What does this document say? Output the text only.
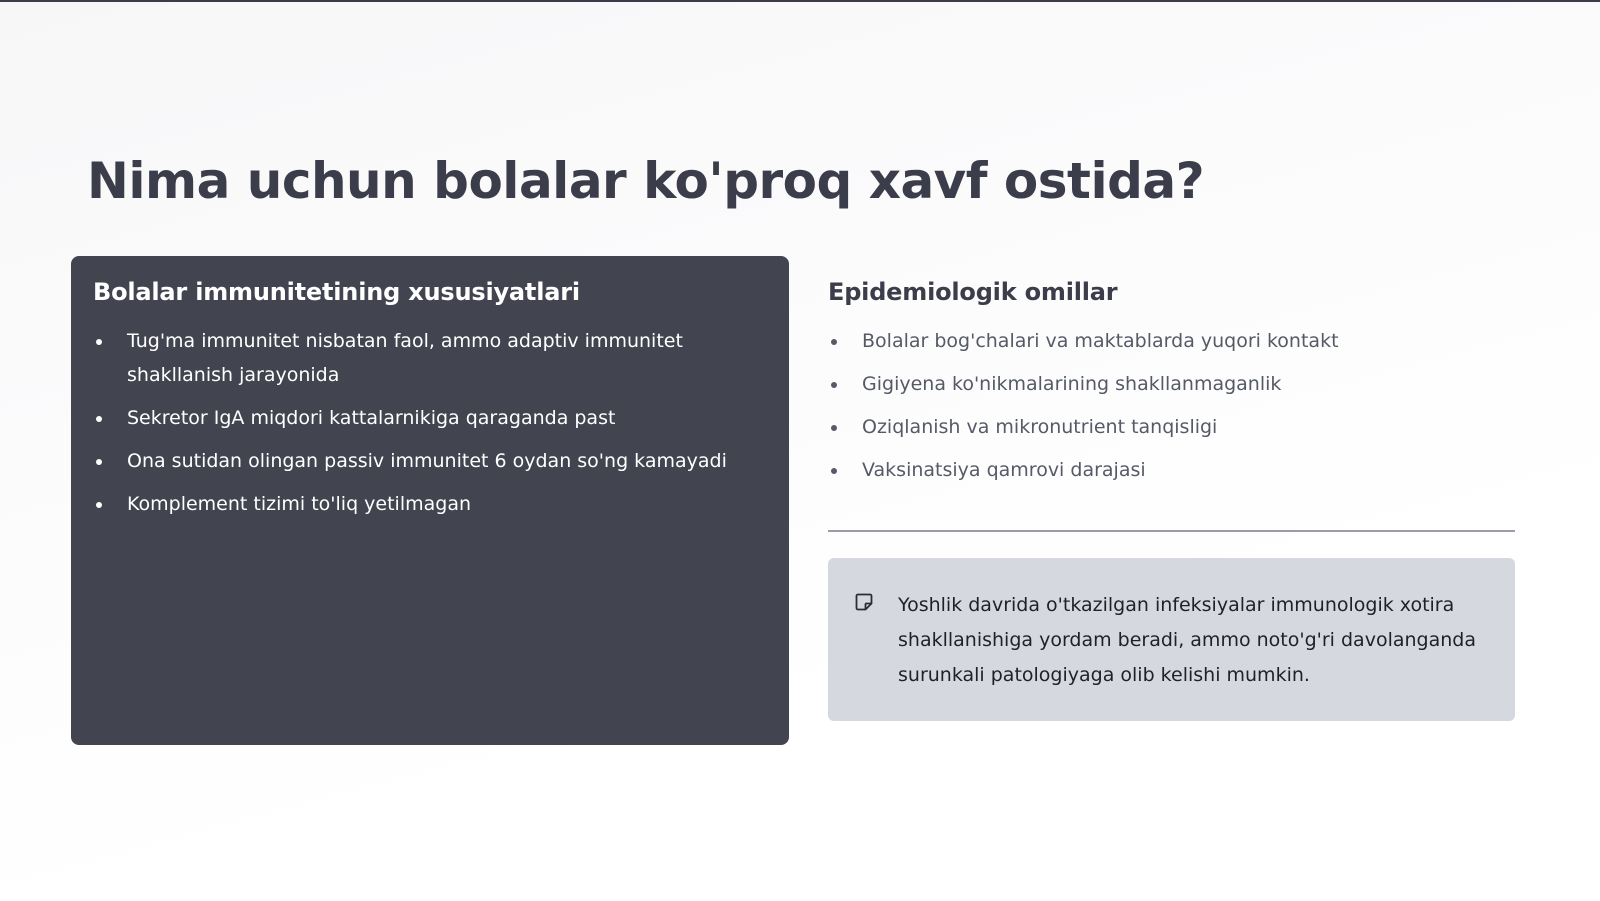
Nima uchun bolalar ko'proq xavf ostida?
Bolalar immunitetining xususiyatlari
Tug'ma immunitet nisbatan faol, ammo adaptiv immunitet shakllanish jarayonida
Sekretor IgA miqdori kattalarnikiga qaraganda past
Ona sutidan olingan passiv immunitet 6 oydan so'ng kamayadi
Komplement tizimi to'liq yetilmagan
Epidemiologik omillar
Bolalar bog'chalari va maktablarda yuqori kontakt
Gigiyena ko'nikmalarining shakllanmaganlik
Oziqlanish va mikronutrient tanqisligi
Vaksinatsiya qamrovi darajasi

Yoshlik davrida o'tkazilgan infeksiyalar immunologik xotira shakllanishiga yordam beradi, ammo noto'g'ri davolanganda surunkali patologiyaga olib kelishi mumkin.
